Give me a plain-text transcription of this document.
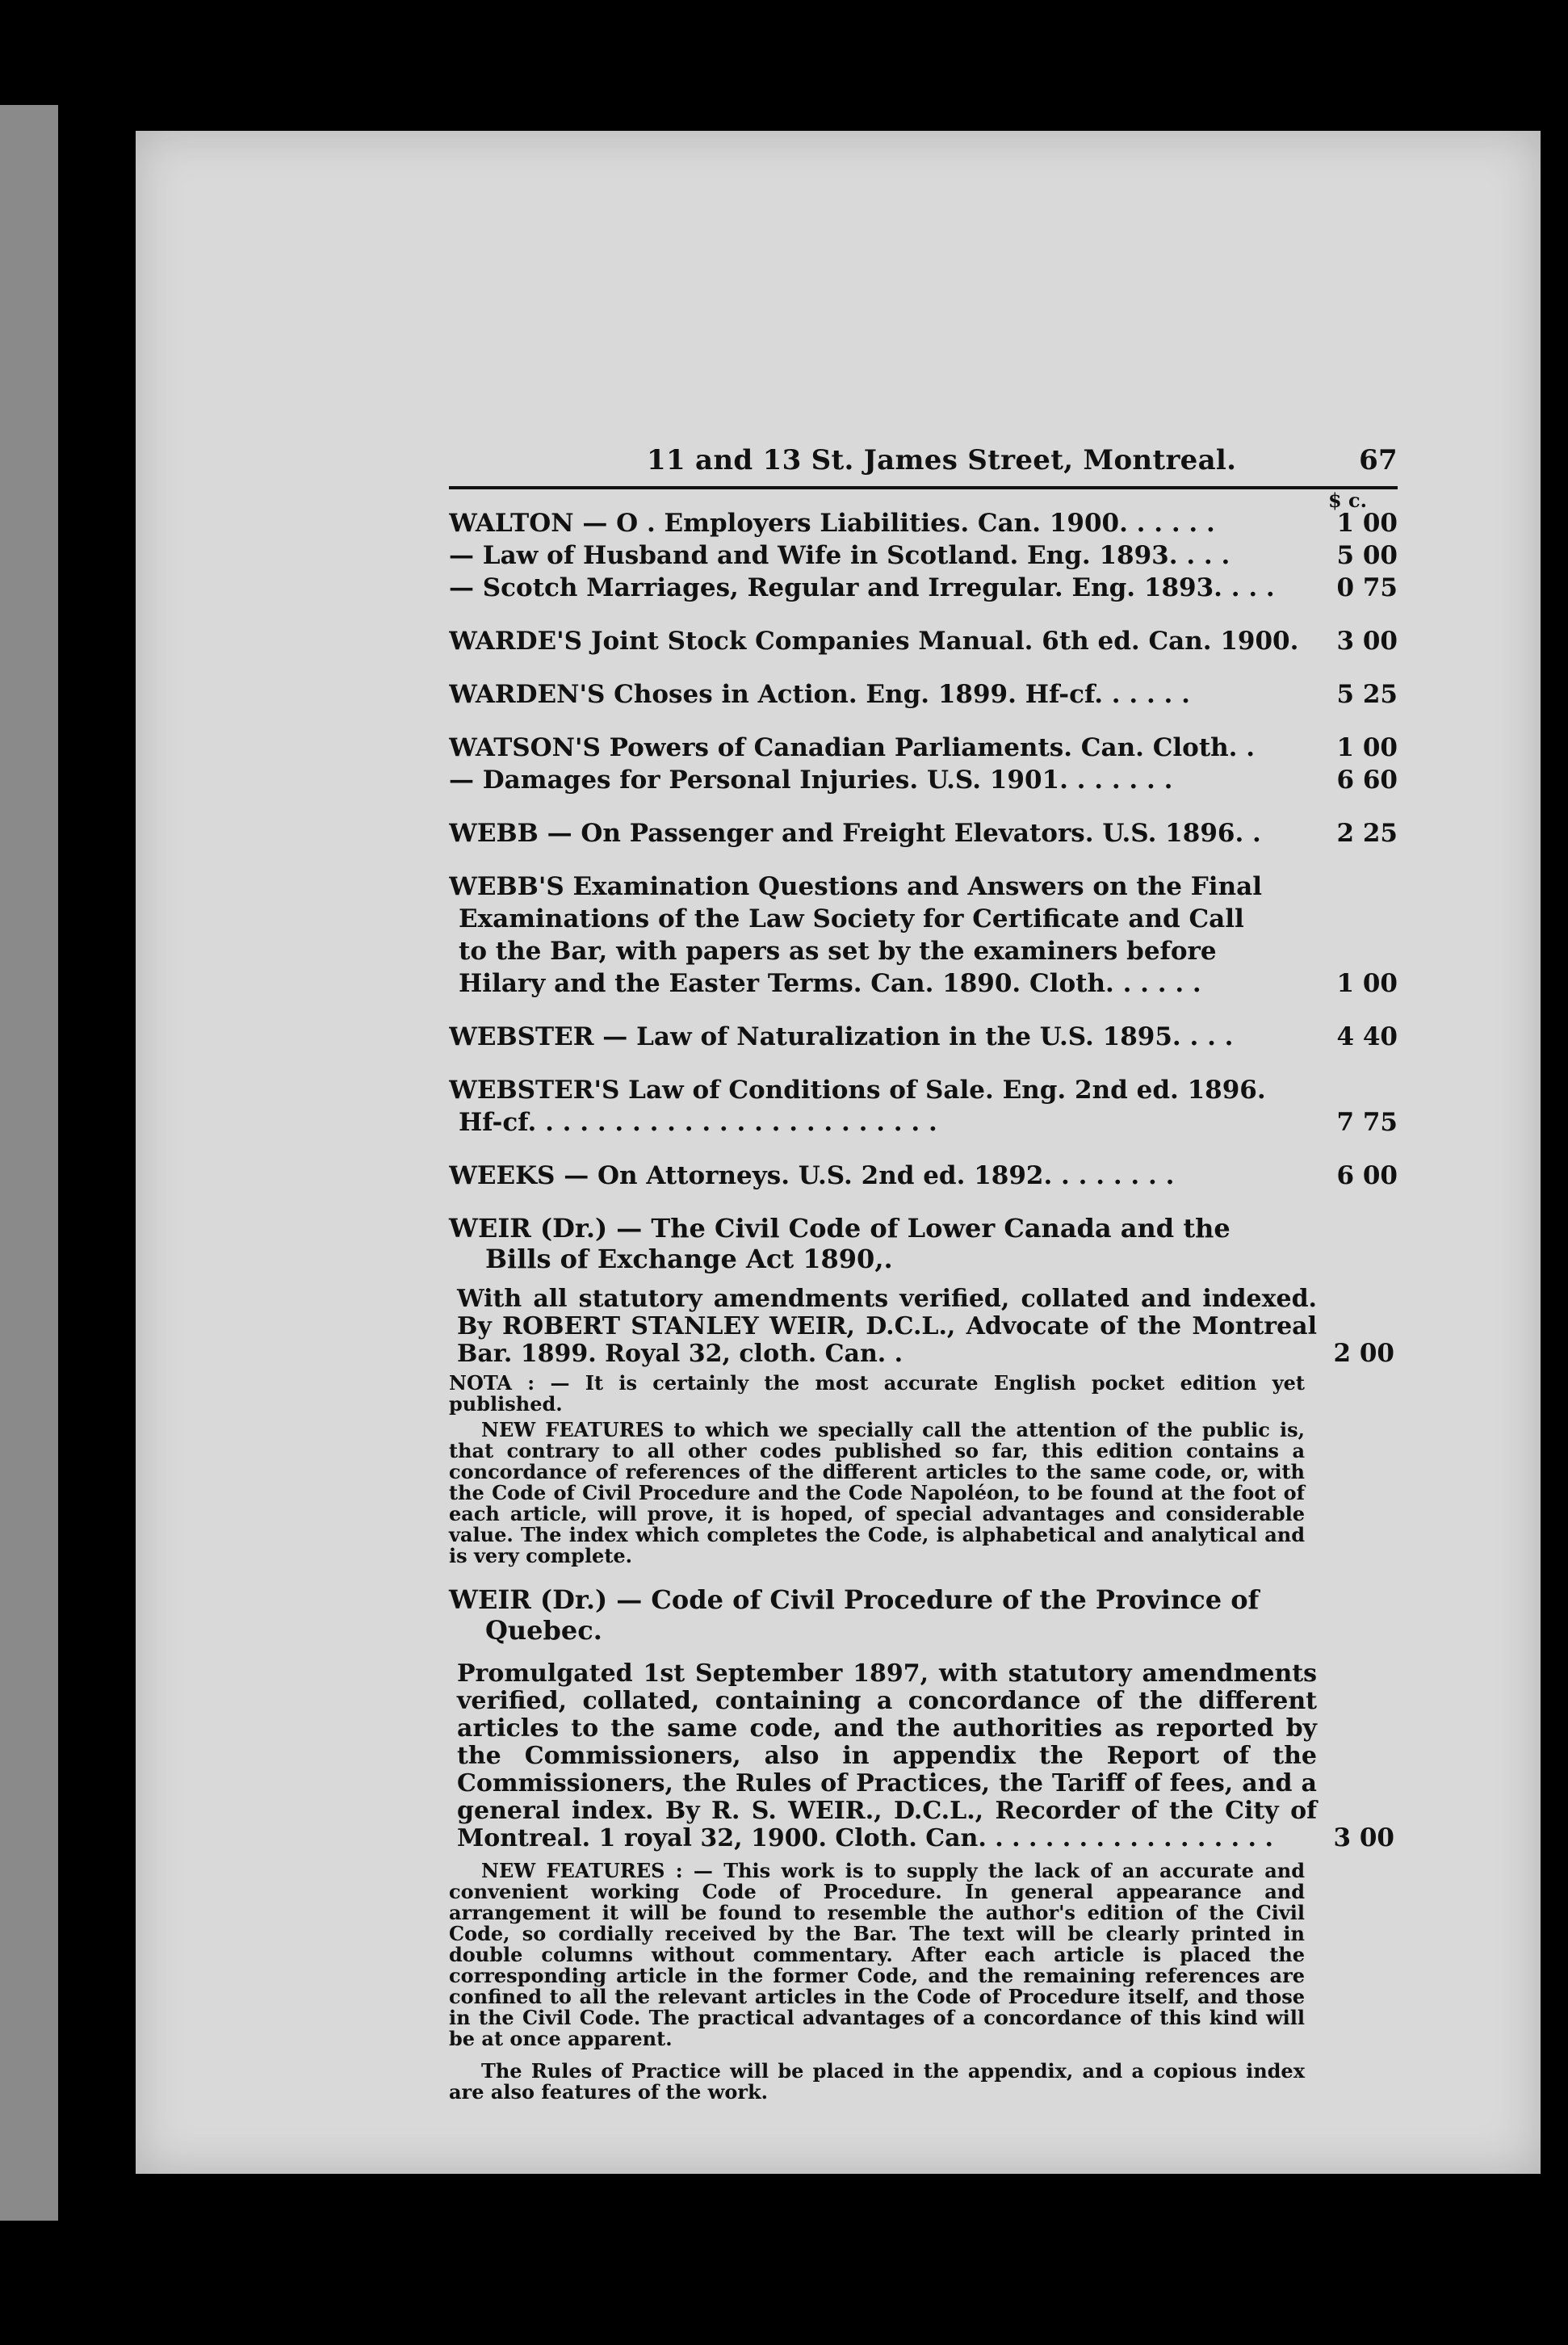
11 and 13 St. James Street, Montreal.	67
$ c.
WALTON — O . Employers Liabilities. Can. 1900. . . . . .	1 00
— Law of Husband and Wife in Scotland. Eng. 1893. . . .	5 00
— Scotch Marriages, Regular and Irregular. Eng. 1893. . . .	0 75
WARDE'S Joint Stock Companies Manual. 6th ed. Can. 1900.	3 00
WARDEN'S Choses in Action. Eng. 1899. Hf-cf. . . . . .	5 25
WATSON'S Powers of Canadian Parliaments. Can. Cloth. .	1 00
— Damages for Personal Injuries. U.S. 1901. . . . . . .	6 60
WEBB — On Passenger and Freight Elevators. U.S. 1896. .	2 25
WEBB'S Examination Questions and Answers on the Final
Examinations of the Law Society for Certificate and Call
to the Bar, with papers as set by the examiners before
Hilary and the Easter Terms. Can. 1890. Cloth. . . . . .	1 00
WEBSTER — Law of Naturalization in the U.S. 1895. . . .	4 40
WEBSTER'S Law of Conditions of Sale. Eng. 2nd ed. 1896.
Hf-cf. . . . . . . . . . . . . . . . . . . . . . . .	7 75
WEEKS — On Attorneys. U.S. 2nd ed. 1892. . . . . . . .	6 00
WEIR (Dr.) — The Civil Code of Lower Canada and the
Bills of Exchange Act 1890,.
With all statutory amendments verified, collated and indexed. By ROBERT STANLEY WEIR, D.C.L., Advocate of the Montreal Bar. 1899. Royal 32, cloth. Can. .	2 00
NOTA : — It is certainly the most accurate English pocket edition yet published.
NEW FEATURES to which we specially call the attention of the public is, that contrary to all other codes published so far, this edition contains a concordance of references of the different articles to the same code, or, with the Code of Civil Procedure and the Code Napoléon, to be found at the foot of each article, will prove, it is hoped, of special advantages and considerable value. The index which completes the Code, is alphabetical and analytical and is very complete.
WEIR (Dr.) — Code of Civil Procedure of the Province of
Quebec.
Promulgated 1st September 1897, with statutory amendments verified, collated, containing a concordance of the different articles to the same code, and the authorities as reported by the Commissioners, also in appendix the Report of the Commissioners, the Rules of Practices, the Tariff of fees, and a general index. By R. S. WEIR., D.C.L., Recorder of the City of Montreal. 1 royal 32, 1900. Cloth. Can. . . . . . . . . . . . . . . . . .	3 00
NEW FEATURES : — This work is to supply the lack of an accurate and convenient working Code of Procedure. In general appearance and arrangement it will be found to resemble the author's edition of the Civil Code, so cordially received by the Bar. The text will be clearly printed in double columns without commentary. After each article is placed the corresponding article in the former Code, and the remaining references are confined to all the relevant articles in the Code of Procedure itself, and those in the Civil Code. The practical advantages of a concordance of this kind will be at once apparent.
The Rules of Practice will be placed in the appendix, and a copious index are also features of the work.
